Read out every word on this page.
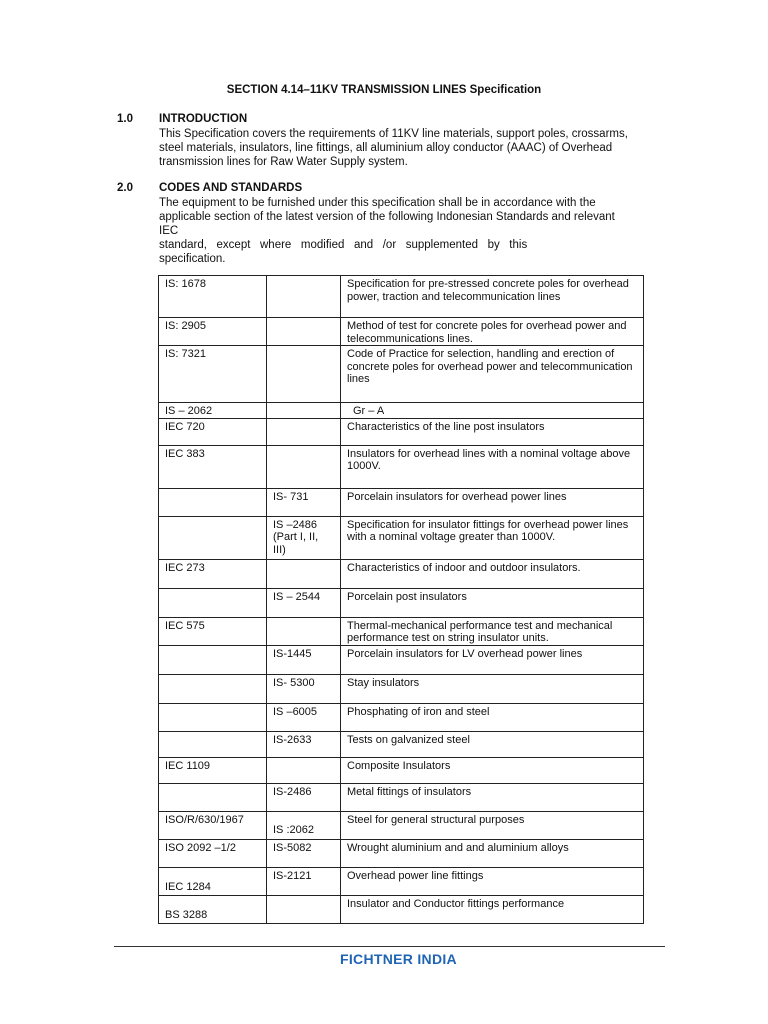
SECTION 4.14–11KV TRANSMISSION LINES Specification
1.0 INTRODUCTION
This Specification covers the requirements of 11KV line materials, support poles, crossarms,
steel materials, insulators, line fittings, all aluminium alloy conductor (AAAC) of Overhead
transmission lines for Raw Water Supply system.
2.0 CODES AND STANDARDS
The equipment to be furnished under this specification shall be in accordance with the
applicable section of the latest version of the following Indonesian Standards and relevant
IEC
standard,   except   where   modified   and   /or   supplemented   by   this
specification.
IS: 1678		Specification for pre-stressed concrete poles for overhead power, traction and telecommunication lines
IS: 2905		Method of test for concrete poles for overhead power and telecommunications lines.
IS: 7321		Code of Practice for selection, handling and erection of concrete poles for overhead power and telecommunication lines
IS – 2062		Gr – A
IEC 720		Characteristics of the line post insulators
IEC 383		Insulators for overhead lines with a nominal voltage above 1000V.
	IS- 731	Porcelain insulators for overhead power lines
	IS –2486 (Part I, II, III)	Specification for insulator fittings for overhead power lines with a nominal voltage greater than 1000V.
IEC 273		Characteristics of indoor and outdoor insulators.
	IS – 2544	Porcelain post insulators
IEC 575		Thermal-mechanical performance test and mechanical performance test on string insulator units.
	IS-1445	Porcelain insulators for LV overhead power lines
	IS- 5300	Stay insulators
	IS –6005	Phosphating of iron and steel
	IS-2633	Tests on galvanized steel
IEC 1109		Composite Insulators
	IS-2486	Metal fittings of insulators
ISO/R/630/1967	IS :2062	Steel for general structural purposes
ISO 2092 –1/2	IS-5082	Wrought aluminium and and aluminium alloys
IEC 1284	IS-2121	Overhead power line fittings
BS 3288		Insulator and Conductor fittings performance
FICHTNER INDIA
